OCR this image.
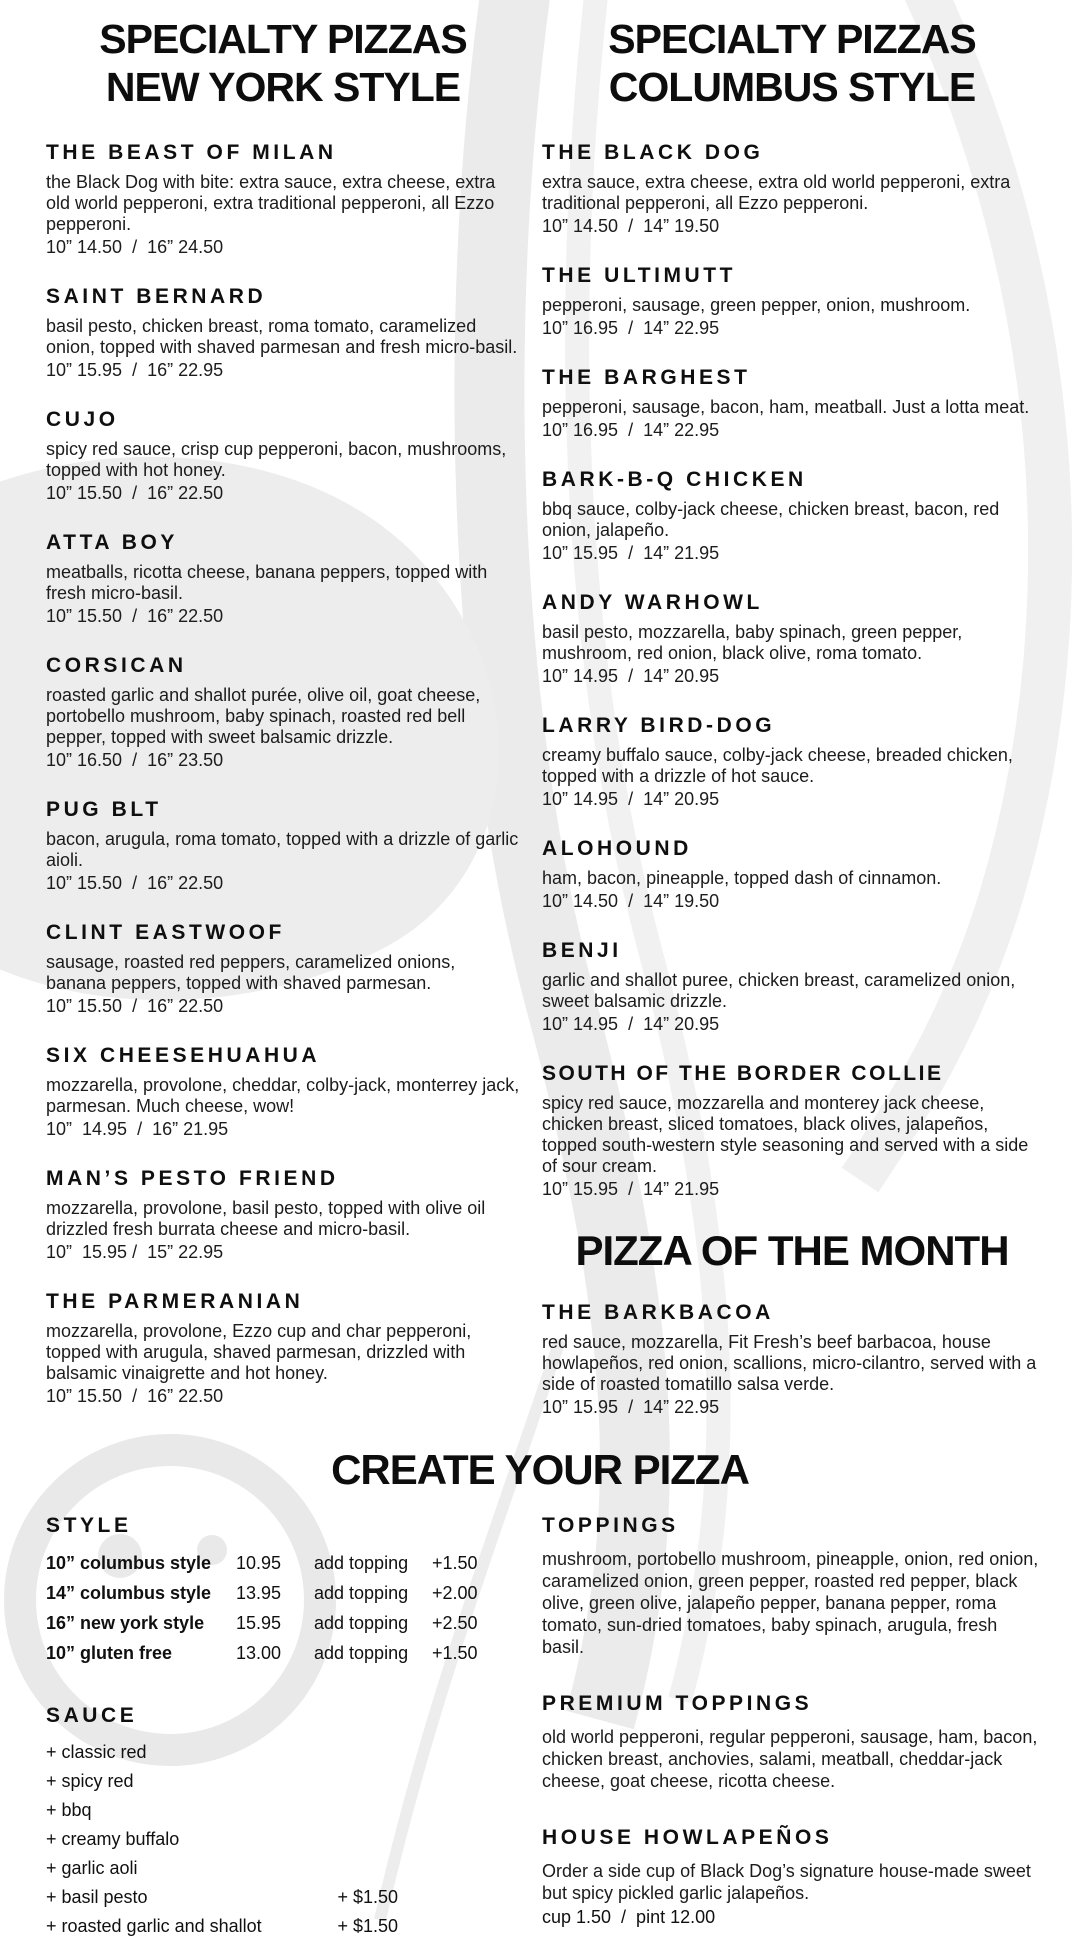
SPECIALTY PIZZAS
NEW YORK STYLE
THE BEAST OF MILAN

the Black Dog with bite: extra sauce, extra cheese, extra old world pepperoni, extra traditional pepperoni, all Ezzo pepperoni.

10” 14.50  /  16” 24.50

SAINT BERNARD

basil pesto, chicken breast, roma tomato, caramelized onion, topped with shaved parmesan and fresh micro-basil.

10” 15.95  /  16” 22.95

CUJO

spicy red sauce, crisp cup pepperoni, bacon, mushrooms, topped with hot honey.

10” 15.50  /  16” 22.50

ATTA BOY

meatballs, ricotta cheese, banana peppers, topped with fresh micro-basil.

10” 15.50  /  16” 22.50

CORSICAN

roasted garlic and shallot purée, olive oil, goat cheese, portobello mushroom, baby spinach, roasted red bell pepper, topped with sweet balsamic drizzle.

10” 16.50  /  16” 23.50

PUG BLT

bacon, arugula, roma tomato, topped with a drizzle of garlic aioli.

10” 15.50  /  16” 22.50

CLINT EASTWOOF

sausage, roasted red peppers, caramelized onions, banana peppers, topped with shaved parmesan.

10” 15.50  /  16” 22.50

SIX CHEESEHUAHUA

mozzarella, provolone, cheddar, colby-jack, monterrey jack, parmesan. Much cheese, wow!

10”  14.95  /  16” 21.95

MAN’S PESTO FRIEND

mozzarella, provolone, basil pesto, topped with olive oil drizzled fresh burrata cheese and micro-basil.

10”  15.95 /  15” 22.95

THE PARMERANIAN

mozzarella, provolone, Ezzo cup and char pepperoni, topped with arugula, shaved parmesan, drizzled with balsamic vinaigrette and hot honey.

10” 15.50  /  16” 22.50

SPECIALTY PIZZAS
COLUMBUS STYLE
THE BLACK DOG

extra sauce, extra cheese, extra old world pepperoni, extra traditional pepperoni, all Ezzo pepperoni.

10” 14.50  /  14” 19.50

THE ULTIMUTT

pepperoni, sausage, green pepper, onion, mushroom.

10” 16.95  /  14” 22.95

THE BARGHEST

pepperoni, sausage, bacon, ham, meatball. Just a lotta meat.

10” 16.95  /  14” 22.95

BARK-B-Q CHICKEN

bbq sauce, colby-jack cheese, chicken breast, bacon, red onion, jalapeño.

10” 15.95  /  14” 21.95

ANDY WARHOWL

basil pesto, mozzarella, baby spinach, green pepper, mushroom, red onion, black olive, roma tomato.

10” 14.95  /  14” 20.95

LARRY BIRD-DOG

creamy buffalo sauce, colby-jack cheese, breaded chicken, topped with a drizzle of hot sauce.

10” 14.95  /  14” 20.95

ALOHOUND

ham, bacon, pineapple, topped dash of cinnamon.

10” 14.50  /  14” 19.50

BENJI

garlic and shallot puree, chicken breast, caramelized onion, sweet balsamic drizzle.

10” 14.95  /  14” 20.95

SOUTH OF THE BORDER COLLIE

spicy red sauce, mozzarella and monterey jack cheese, chicken breast, sliced tomatoes, black olives, jalapeños, topped south-western style seasoning and served with a side of sour cream.

10” 15.95  /  14” 21.95

PIZZA OF THE MONTH
THE BARKBACOA

red sauce, mozzarella, Fit Fresh’s beef barbacoa, house howlapeños, red onion, scallions, micro-cilantro, served with a side of roasted tomatillo salsa verde.

10” 15.95  /  14” 22.95

CREATE YOUR PIZZA
STYLE
10” columbus style	10.95	add topping	+1.50
14” columbus style	13.95	add topping	+2.00
16” new york style	15.95	add topping	+2.50
10” gluten free	13.00	add topping	+1.50
SAUCE
+ classic red
+ spicy red
+ bbq
+ creamy buffalo
+ garlic aoli
+ basil pesto	+ $1.50
+ roasted garlic and shallot	+ $1.50
TOPPINGS

mushroom, portobello mushroom, pineapple, onion, red onion, caramelized onion, green pepper, roasted red pepper, black olive, green olive, jalapeño pepper, banana pepper, roma tomato, sun-dried tomatoes, baby spinach, arugula, fresh basil.

PREMIUM TOPPINGS

old world pepperoni, regular pepperoni, sausage, ham, bacon, chicken breast, anchovies, salami, meatball, cheddar-jack cheese, goat cheese, ricotta cheese.

HOUSE HOWLAPEÑOS

Order a side cup of Black Dog’s signature house-made sweet but spicy pickled garlic jalapeños.

cup 1.50  /  pint 12.00
